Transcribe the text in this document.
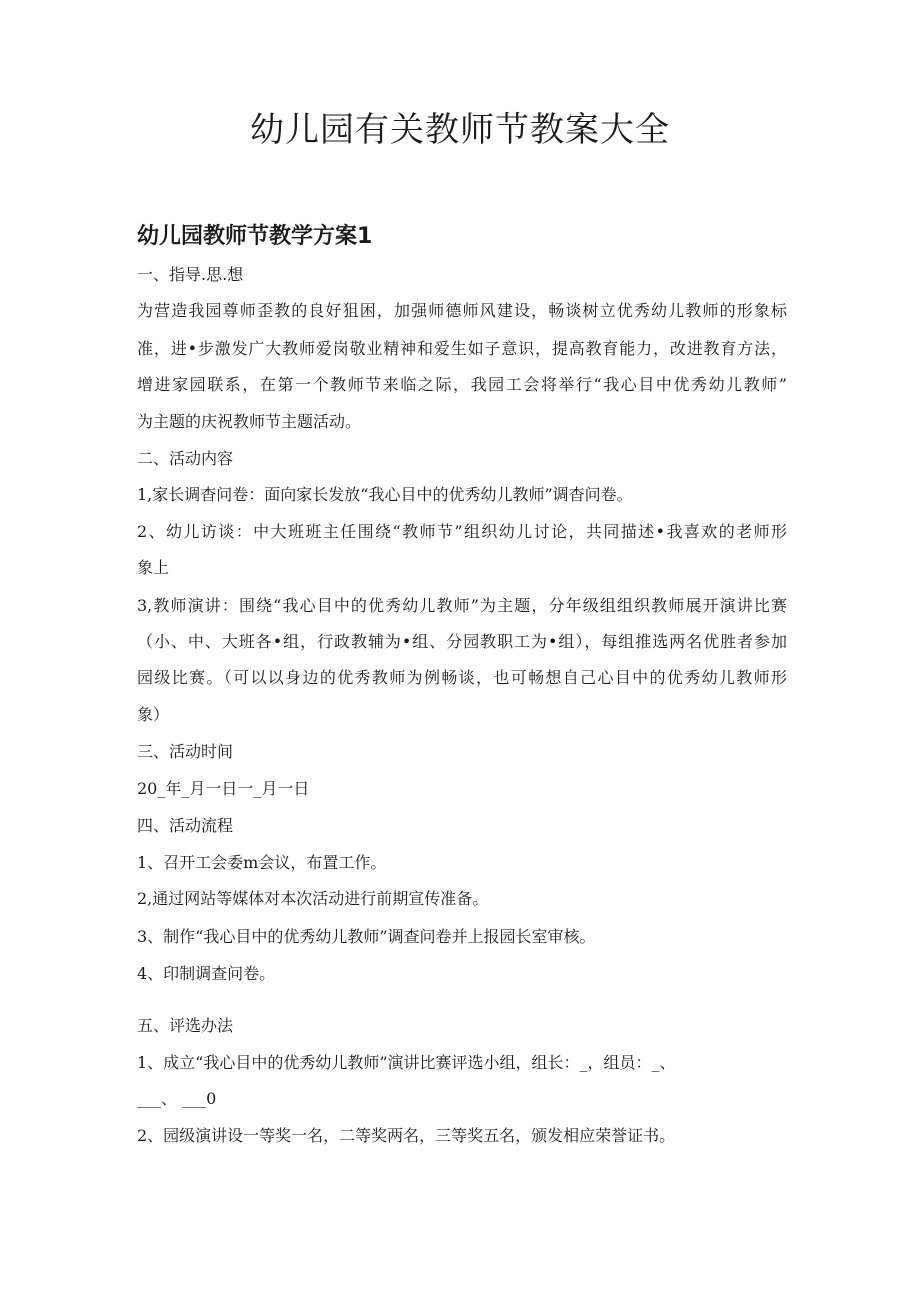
幼儿园有关教师节教案大全
幼儿园教师节教学方案1
一、指导.思.想
为营造我园尊师歪教的良好狙困，加强师德师风建设，畅谈树立优秀幼儿教师的形象标
准，进•步激发广大教师爱岗敬业精神和爱生如子意识，提高教育能力，改进教育方法，
增进家园联系，在第一个教师节来临之际，我园工会将举行“我心目中优秀幼儿教师”
为主题的庆祝教师节主题活动。
二、活动内容
1,家长调杳问卷：面向家长发放“我心目中的优秀幼儿教师”调杳问卷。
2、幼儿访谈：中大班班主任围绕“教师节”组织幼儿讨论，共同描述•我喜欢的老师形
象上
3,教师演讲：围绕“我心目中的优秀幼儿教师”为主题，分年级组组织教师展开演讲比赛
（小、中、大班各•组，行政教辅为•组、分园教职工为•组），每组推选两名优胜者参加
园级比赛。（可以以身边的优秀教师为例畅谈，也可畅想自己心目中的优秀幼儿教师形
象）
三、活动时间
20_年_月一日一_月一日
四、活动流程
1、召开工会委m会议，布置工作。
2,通过网站等媒体对本次活动进行前期宣传准备。
3、制作“我心目中的优秀幼儿教师”调查问卷并上报园长室审核。
4、印制调查问卷。
五、评选办法
1、成立“我心目中的优秀幼儿教师”演讲比赛评选小组，组长：_，组员：_、
___、 ___0
2、园级演讲设一等奖一名，二等奖两名，三等奖五名，颁发相应荣誉证书。
